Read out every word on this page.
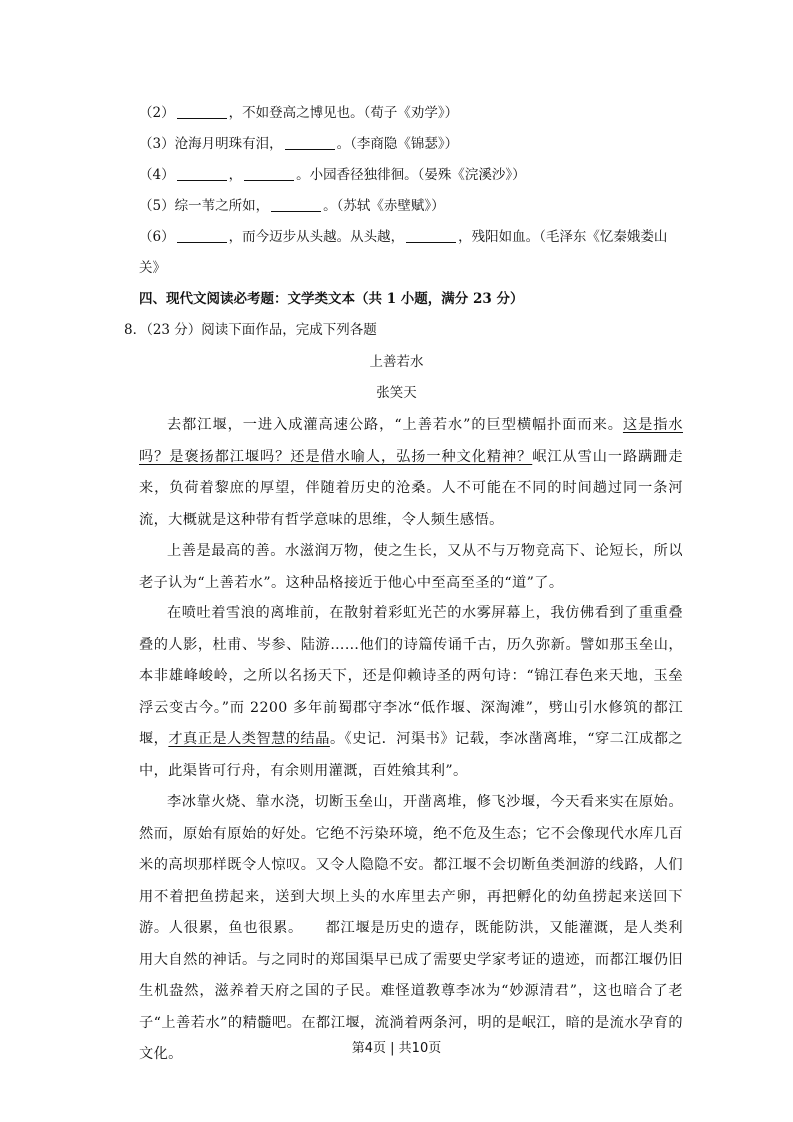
（2）	，不如登高之博见也。（荀子《劝学》）
（3）沧海月明珠有泪，	。（李商隐《锦瑟》）
（4）	，	。小园香径独徘徊。（晏殊《浣溪沙》）
（5）综一苇之所如，	。（苏轼《赤壁赋》）
（6）	，而今迈步从头越。从头越，	，残阳如血。（毛泽东《忆秦娥娄山
关》
四、现代文阅读必考题：文学类文本（共 1 小题，满分 23 分）
8．（23 分）阅读下面作品，完成下列各题
上善若水
张笑天
去都江堰，一进入成灌高速公路，“上善若水”的巨型横幅扑面而来。这是指水吗？是褒扬都江堰吗？还是借水喻人，弘扬一种文化精神？岷江从雪山一路蹒跚走来，负荷着黎庶的厚望，伴随着历史的沧桑。人不可能在不同的时间趟过同一条河流，大概就是这种带有哲学意味的思维，令人频生感悟。
上善是最高的善。水滋润万物，使之生长，又从不与万物竞高下、论短长，所以老子认为“上善若水”。这种品格接近于他心中至高至圣的“道”了。
在喷吐着雪浪的离堆前，在散射着彩虹光芒的水雾屏幕上，我仿佛看到了重重叠叠的人影，杜甫、岑参、陆游……他们的诗篇传诵千古，历久弥新。譬如那玉垒山，本非雄峰峻岭，之所以名扬天下，还是仰赖诗圣的两句诗：“锦江春色来天地，玉垒浮云变古今。”而 2200 多年前蜀郡守李冰“低作堰、深淘滩”，劈山引水修筑的都江堰，才真正是人类智慧的结晶。《史记．河渠书》记载，李冰凿离堆，“穿二江成都之中，此渠皆可行舟，有余则用灌溉，百姓飨其利”。
李冰靠火烧、靠水浇，切断玉垒山，开凿离堆，修飞沙堰，今天看来实在原始。然而，原始有原始的好处。它绝不污染环境，绝不危及生态；它不会像现代水库几百米的高坝那样既令人惊叹。又令人隐隐不安。都江堰不会切断鱼类洄游的线路，人们用不着把鱼捞起来，送到大坝上头的水库里去产卵，再把孵化的幼鱼捞起来送回下游。人很累，鱼也很累。　　都江堰是历史的遗存，既能防洪，又能灌溉，是人类利用大自然的神话。与之同时的郑国渠早已成了需要史学家考证的遗迹，而都江堰仍旧生机盎然，滋养着天府之国的子民。难怪道教尊李冰为“妙源清君”，这也暗合了老子“上善若水”的精髓吧。在都江堰，流淌着两条河，明的是岷江，暗的是流水孕育的文化。	第4页 | 共10页
